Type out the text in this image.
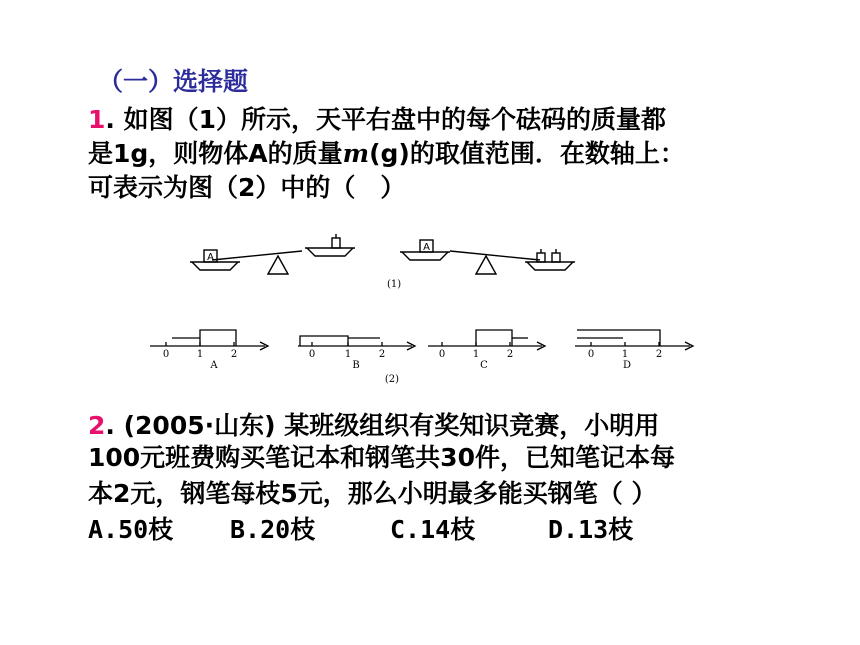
（一）选择题
1. 如图（1）所示，天平右盘中的每个砝码的质量都
是1g，则物体A的质量m(g)的取值范围．在数轴上：
可表示为图（2）中的（　）
A
A
(1)
0	1	2	0	1	2	0	1	2	0	1	2
A	B	C	D
(2)
2. (2005·山东) 某班级组织有奖知识竞赛，小明用
100元班费购买笔记本和钢笔共30件，已知笔记本每
本2元，钢笔每枝5元，那么小明最多能买钢笔（ ）
A.50枝 B.20枝	C.14枝	D.13枝
